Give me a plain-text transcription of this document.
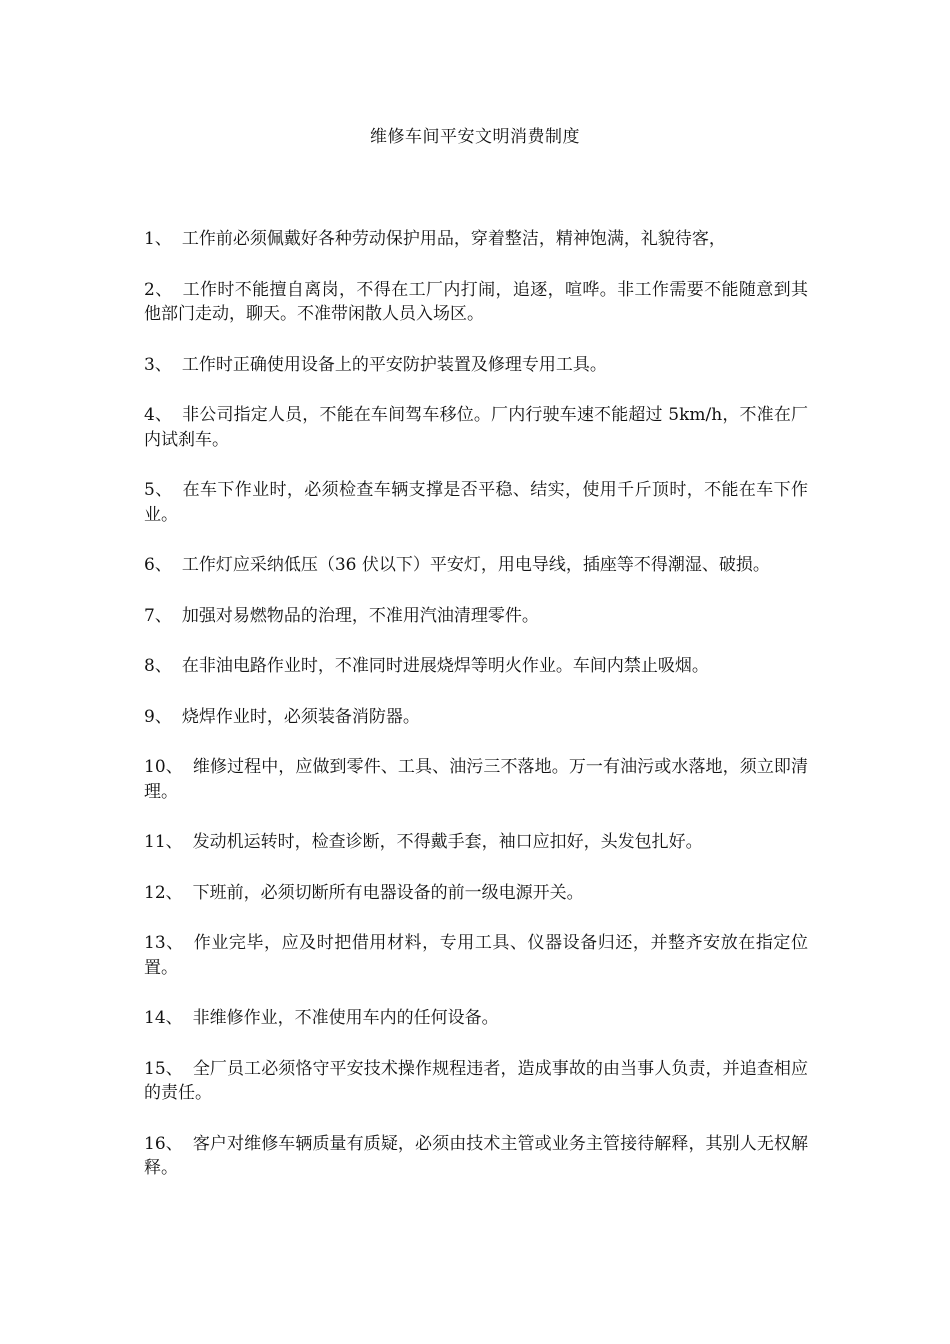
维修车间平安文明消费制度
1、 工作前必须佩戴好各种劳动保护用品，穿着整洁，精神饱满，礼貌待客，
2、 工作时不能擅自离岗，不得在工厂内打闹，追逐，喧哗。非工作需要不能随意到其他部门走动，聊天。不准带闲散人员入场区。
3、 工作时正确使用设备上的平安防护装置及修理专用工具。
4、 非公司指定人员，不能在车间驾车移位。厂内行驶车速不能超过 5km/h，不准在厂内试刹车。
5、 在车下作业时，必须检查车辆支撑是否平稳、结实，使用千斤顶时，不能在车下作业。
6、 工作灯应采纳低压（36 伏以下）平安灯，用电导线，插座等不得潮湿、破损。
7、 加强对易燃物品的治理，不准用汽油清理零件。
8、 在非油电路作业时，不准同时进展烧焊等明火作业。车间内禁止吸烟。
9、 烧焊作业时，必须装备消防器。
10、 维修过程中，应做到零件、工具、油污三不落地。万一有油污或水落地，须立即清理。
11、 发动机运转时，检查诊断，不得戴手套，袖口应扣好，头发包扎好。
12、 下班前，必须切断所有电器设备的前一级电源开关。
13、 作业完毕，应及时把借用材料，专用工具、仪器设备归还，并整齐安放在指定位置。
14、 非维修作业，不准使用车内的任何设备。
15、 全厂员工必须恪守平安技术操作规程违者，造成事故的由当事人负责，并追查相应的责任。
16、 客户对维修车辆质量有质疑，必须由技术主管或业务主管接待解释，其别人无权解释。
